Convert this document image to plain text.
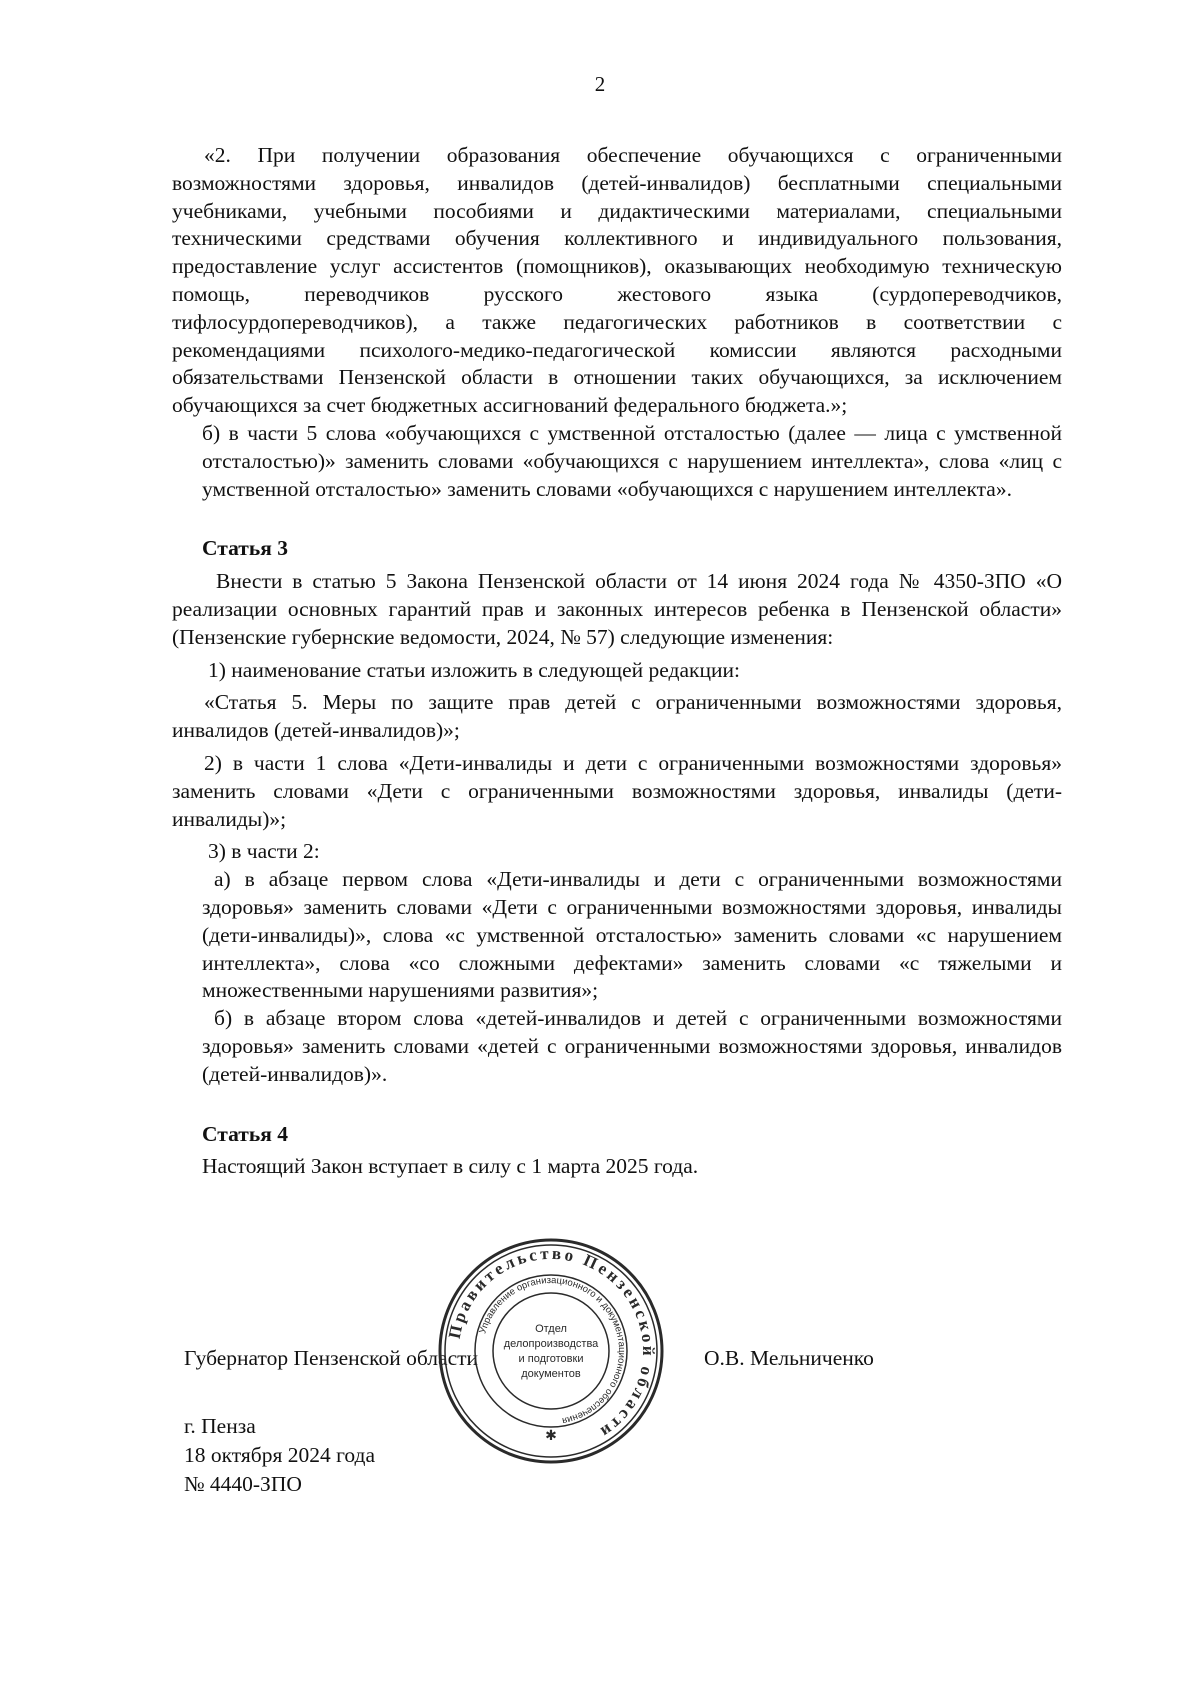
2

«2. При получении образования обеспечение обучающихся с ограниченными возможностями здоровья, инвалидов (детей-инвалидов) бесплатными специальными учебниками, учебными пособиями и дидактическими материалами, специальными техническими средствами обучения коллективного и индивидуального пользования, предоставление услуг ассистентов (помощников), оказывающих необходимую техническую помощь, переводчиков русского жестового языка (сурдопереводчиков, тифлосурдопереводчиков), а также педагогических работников в соответствии с рекомендациями психолого-медико-педагогической комиссии являются расходными обязательствами Пензенской области в отношении таких обучающихся, за исключением обучающихся за счет бюджетных ассигнований федерального бюджета.»;

б) в части 5 слова «обучающихся с умственной отсталостью (далее — лица с умственной отсталостью)» заменить словами «обучающихся с нарушением интеллекта», слова «лиц с умственной отсталостью» заменить словами «обучающихся с нарушением интеллекта».

Статья 3

Внести в статью 5 Закона Пензенской области от 14 июня 2024 года № 4350-ЗПО «О реализации основных гарантий прав и законных интересов ребенка в Пензенской области» (Пензенские губернские ведомости, 2024, № 57) следующие изменения:

1) наименование статьи изложить в следующей редакции:

«Статья 5. Меры по защите прав детей с ограниченными возможностями здоровья, инвалидов (детей-инвалидов)»;

2) в части 1 слова «Дети-инвалиды и дети с ограниченными возможностями здоровья» заменить словами «Дети с ограниченными возможностями здоровья, инвалиды (дети-инвалиды)»;

3) в части 2:

а) в абзаце первом слова «Дети-инвалиды и дети с ограниченными возможностями здоровья» заменить словами «Дети с ограниченными возможностями здоровья, инвалиды (дети-инвалиды)», слова «с умственной отсталостью» заменить словами «с нарушением интеллекта», слова «со сложными дефектами» заменить словами «с тяжелыми и множественными нарушениями развития»;

б) в абзаце втором слова «детей-инвалидов и детей с ограниченными возможностями здоровья» заменить словами «детей с ограниченными возможностями здоровья, инвалидов (детей-инвалидов)».

Статья 4

Настоящий Закон вступает в силу с 1 марта 2025 года.

Губернатор Пензенской области	О.В. Мельниченко
г. Пенза
18 октября 2024 года
№ 4440-ЗПО
Правительство Пензенской области
Управление организационного и документационного обеспечения
Отдел
делопроизводства
и подготовки
документов
✱
